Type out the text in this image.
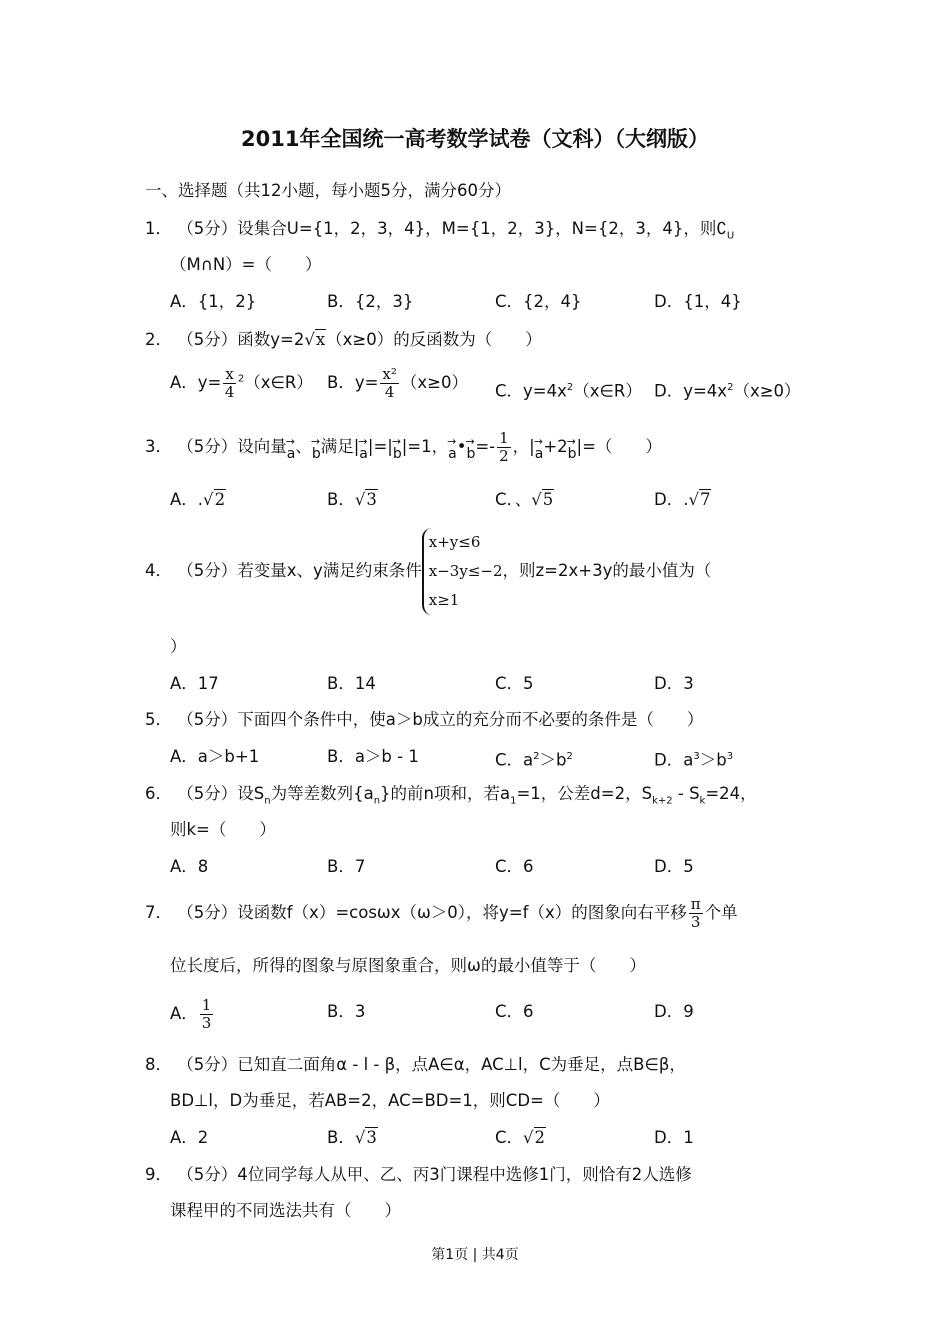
2011年全国统一高考数学试卷（文科）（大纲版）
一、选择题（共12小题，每小题5分，满分60分）
1． （5分）设集合U={1，2，3，4}，M={1，2，3}，N={2，3，4}，则$∁_U$
（M∩N）=（　　）
A．{1，2}	B．{2，3}	C．{2，4}	D．{1，4}
2． （5分）函数y=2√x（x≥0）的反函数为（　　）
A．$y= \frac{x}{4}$ $^2$（x∈R） B．$y= \frac{\text{x²}}{4} (x\ge 0)$ C．$y=4x^2(x\in R)$ D．$y=4x^2(x\ge 0)$
3． （5分）设向量→ a、→ b满足|→ a|=|→ b|=1，→ a•→ $b=- \frac{1}{2}$ ，|→ a+2→ b|=（　　）
A．.√2	B．√3	C．、√5	D．.√7
4． （5分）若变量x、y满足约束条件x+y≤6
x−3y≤−2
x≥1，则z=2x+3y的最小值为（
）
A．17	B．14	C．5	D．3
5． （5分）下面四个条件中，使a＞b成立的充分而不必要的条件是（　　）
A．a＞b+1	B．a＞b - 1	C．$a^2>b^2$	D．$a^3>b^3$
6． （5分）设$S_n$为等差数列$\{a_n\}$的前n项和，若$a_1=1$，公差d=2，$S_{k+2} - S_k=24$，
则k=（　　）
A．8	B．7	C．6	D．5
7． （5分）设函数f（x）=cosωx（ω＞0），将y=f（x）的图象向右平移 $\frac{\pi}{3}$ 个单
位长度后，所得的图象与原图象重合，则ω的最小值等于（　　）
A． $\frac{1}{3}$	B．3	C．6	D．9
8． （5分）已知直二面角α - l - β，点A∈α，AC⊥l，C为垂足，点B∈β，
BD⊥l，D为垂足，若AB=2，AC=BD=1，则CD=（　　）
A．2	B．√3	C．√2	D．1
9． （5分）4位同学每人从甲、乙、丙3门课程中选修1门，则恰有2人选修
课程甲的不同选法共有（　　）
第1页 | 共4页
